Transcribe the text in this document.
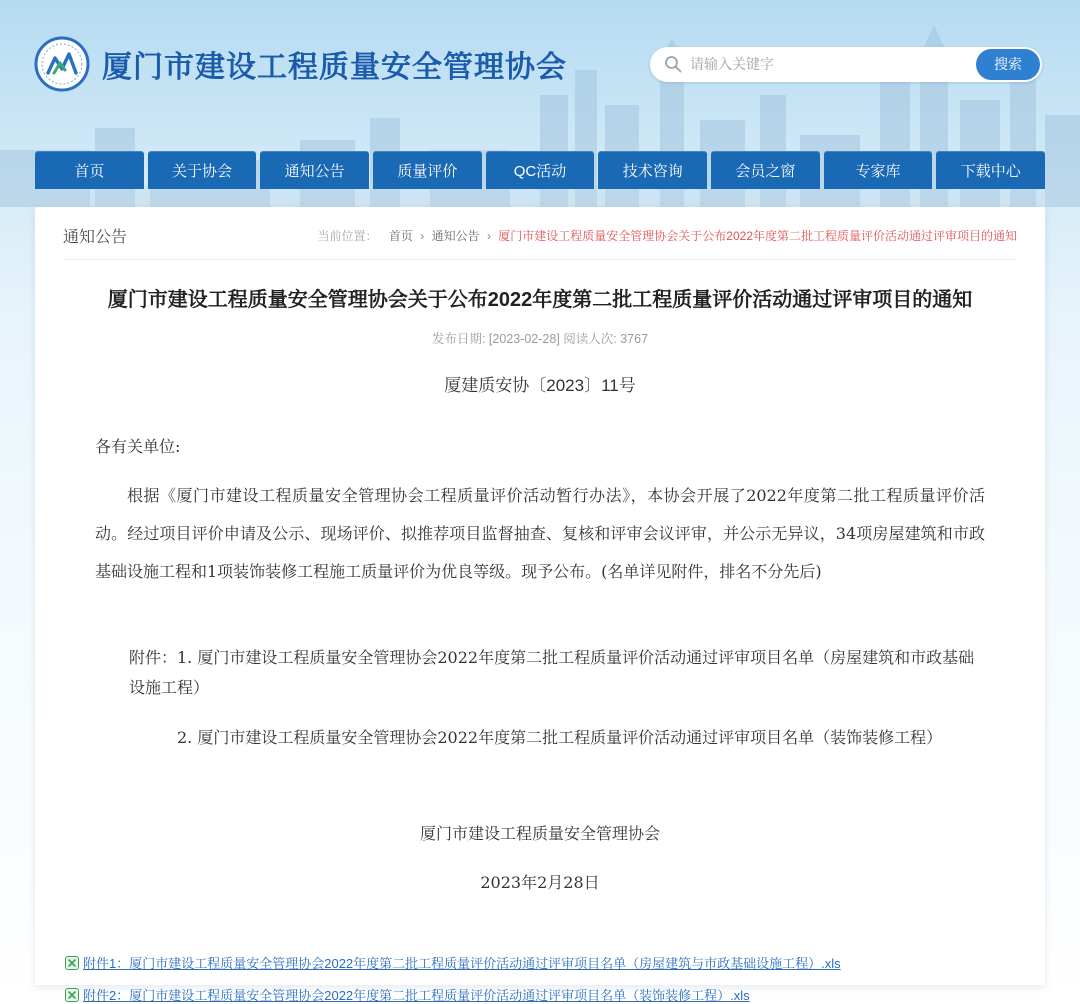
厦门市建设工程质量安全管理协会
请输入关键字	搜索
首页	关于协会	通知公告	质量评价	QC活动	技术咨询	会员之窗	专家库	下载中心
通知公告	当前位置： 首页 › 通知公告 › 厦门市建设工程质量安全管理协会关于公布2022年度第二批工程质量评价活动通过评审项目的通知
厦门市建设工程质量安全管理协会关于公布2022年度第二批工程质量评价活动通过评审项目的通知
发布日期: [2023-02-28] 阅读人次: 3767
厦建质安协〔2023〕11号
各有关单位:

根据《厦门市建设工程质量安全管理协会工程质量评价活动暂行办法》，本协会开展了2022年度第二批工程质量评价活动。经过项目评价申请及公示、现场评价、拟推荐项目监督抽查、复核和评审会议评审，并公示无异议，34项房屋建筑和市政基础设施工程和1项装饰装修工程施工质量评价为优良等级。现予公布。(名单详见附件，排名不分先后)

附件：1. 厦门市建设工程质量安全管理协会2022年度第二批工程质量评价活动通过评审项目名单（房屋建筑和市政基础设施工程）
2. 厦门市建设工程质量安全管理协会2022年度第二批工程质量评价活动通过评审项目名单（装饰装修工程）
厦门市建设工程质量安全管理协会
2023年2月28日
附件1：厦门市建设工程质量安全管理协会2022年度第二批工程质量评价活动通过评审项目名单（房屋建筑与市政基础设施工程）.xls
附件2：厦门市建设工程质量安全管理协会2022年度第二批工程质量评价活动通过评审项目名单（装饰装修工程）.xls
